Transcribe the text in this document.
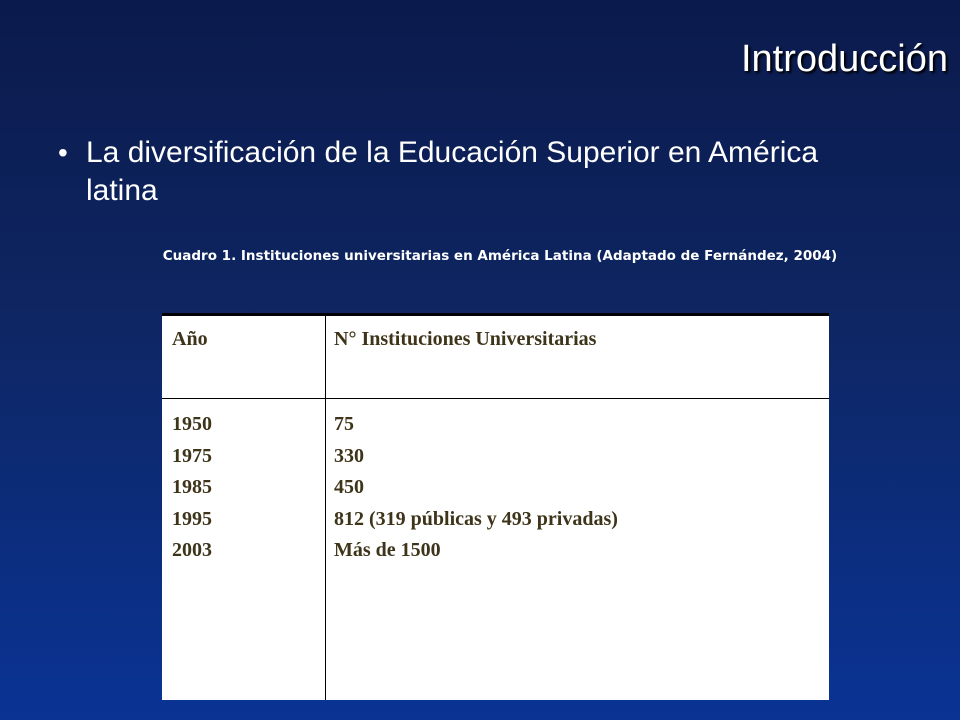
Introducción
• La diversificación de la Educación Superior en América latina
Cuadro 1. Instituciones universitarias en América Latina (Adaptado de Fernández, 2004)
Año	N° Instituciones Universitarias
1950
1975
1985
1995
2003
75
330
450
812 (319 públicas y 493 privadas)
Más de 1500
